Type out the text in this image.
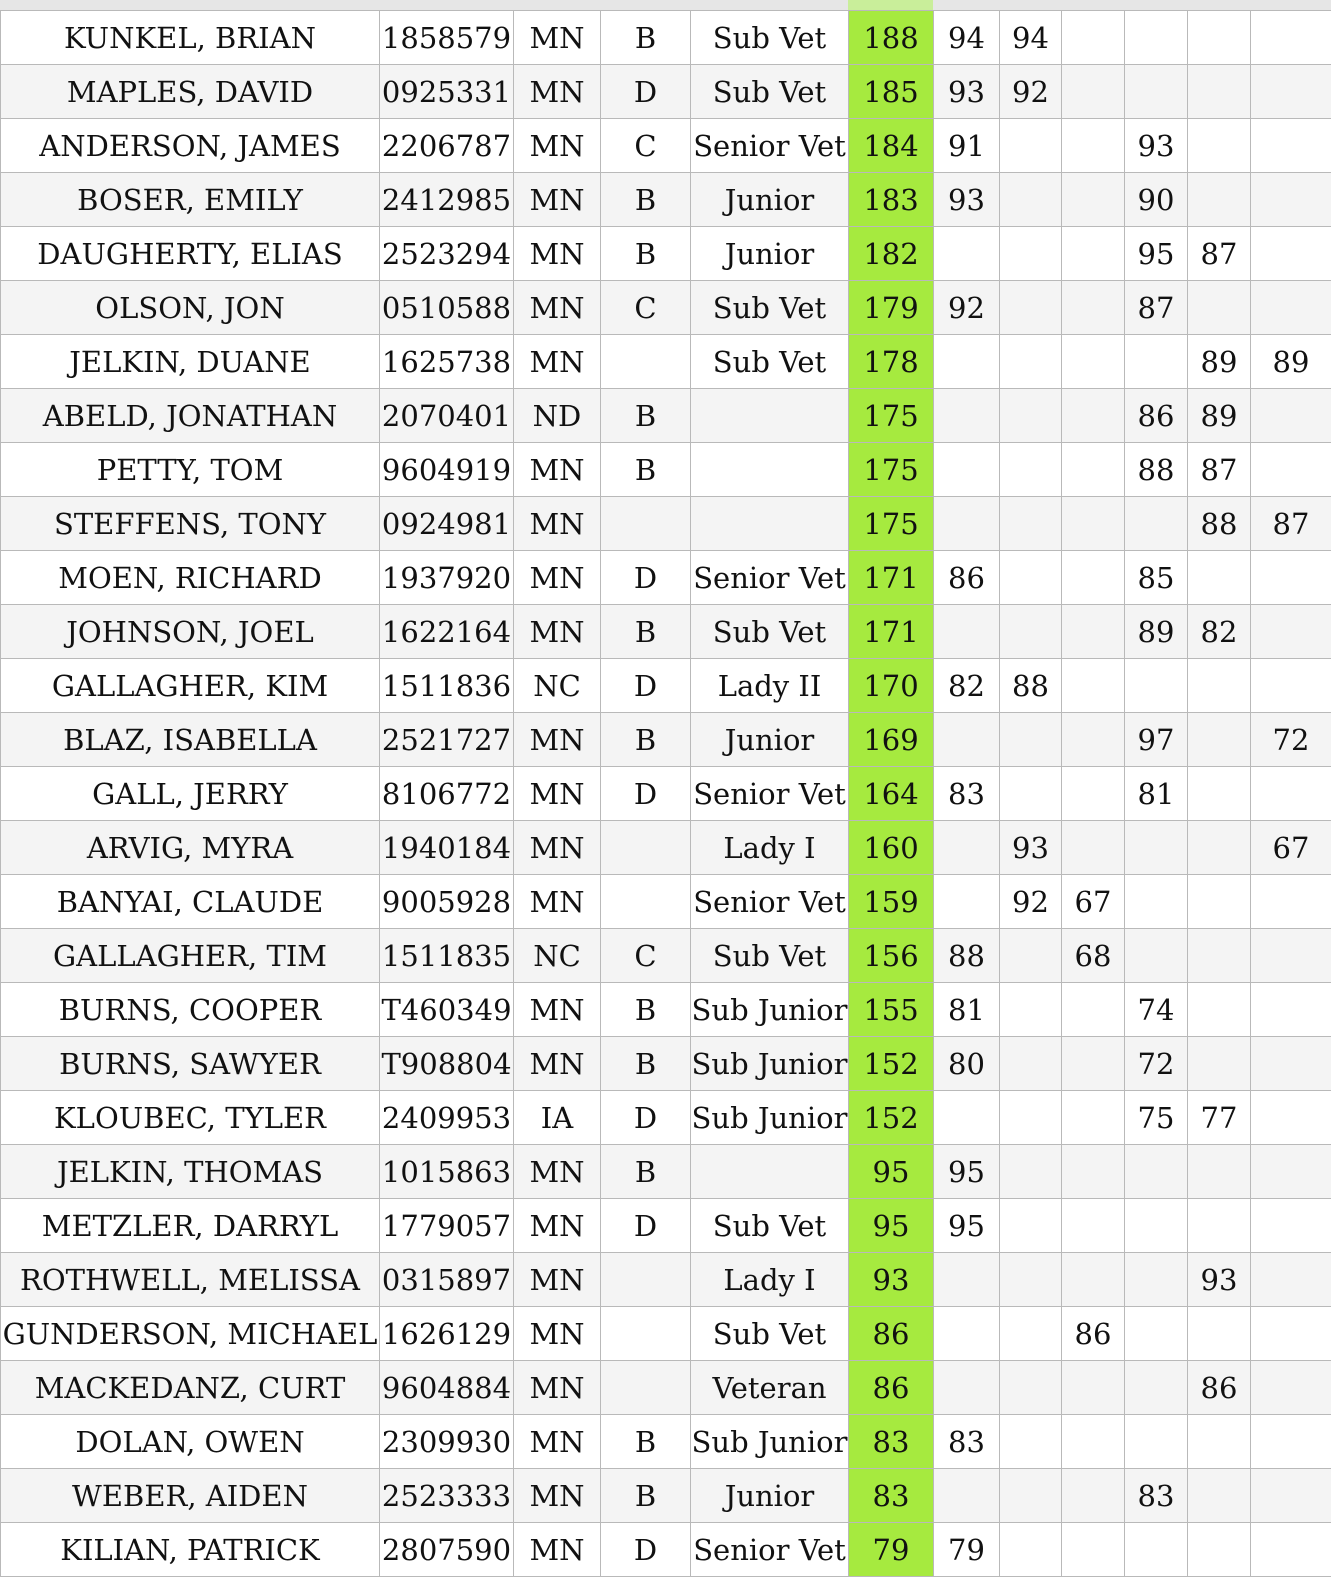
KUNKEL, BRIAN	1858579	MN	B	Sub Vet	188	94	94				
MAPLES, DAVID	0925331	MN	D	Sub Vet	185	93	92				
ANDERSON, JAMES	2206787	MN	C	Senior Vet	184	91			93		
BOSER, EMILY	2412985	MN	B	Junior	183	93			90		
DAUGHERTY, ELIAS	2523294	MN	B	Junior	182				95	87	
OLSON, JON	0510588	MN	C	Sub Vet	179	92			87		
JELKIN, DUANE	1625738	MN		Sub Vet	178					89	89
ABELD, JONATHAN	2070401	ND	B		175				86	89	
PETTY, TOM	9604919	MN	B		175				88	87	
STEFFENS, TONY	0924981	MN			175					88	87
MOEN, RICHARD	1937920	MN	D	Senior Vet	171	86			85		
JOHNSON, JOEL	1622164	MN	B	Sub Vet	171				89	82	
GALLAGHER, KIM	1511836	NC	D	Lady II	170	82	88				
BLAZ, ISABELLA	2521727	MN	B	Junior	169				97		72
GALL, JERRY	8106772	MN	D	Senior Vet	164	83			81		
ARVIG, MYRA	1940184	MN		Lady I	160		93				67
BANYAI, CLAUDE	9005928	MN		Senior Vet	159		92	67			
GALLAGHER, TIM	1511835	NC	C	Sub Vet	156	88		68			
BURNS, COOPER	T460349	MN	B	Sub Junior	155	81			74		
BURNS, SAWYER	T908804	MN	B	Sub Junior	152	80			72		
KLOUBEC, TYLER	2409953	IA	D	Sub Junior	152				75	77	
JELKIN, THOMAS	1015863	MN	B		95	95					
METZLER, DARRYL	1779057	MN	D	Sub Vet	95	95					
ROTHWELL, MELISSA	0315897	MN		Lady I	93					93	
GUNDERSON, MICHAEL	1626129	MN		Sub Vet	86			86			
MACKEDANZ, CURT	9604884	MN		Veteran	86					86	
DOLAN, OWEN	2309930	MN	B	Sub Junior	83	83					
WEBER, AIDEN	2523333	MN	B	Junior	83				83		
KILIAN, PATRICK	2807590	MN	D	Senior Vet	79	79					
